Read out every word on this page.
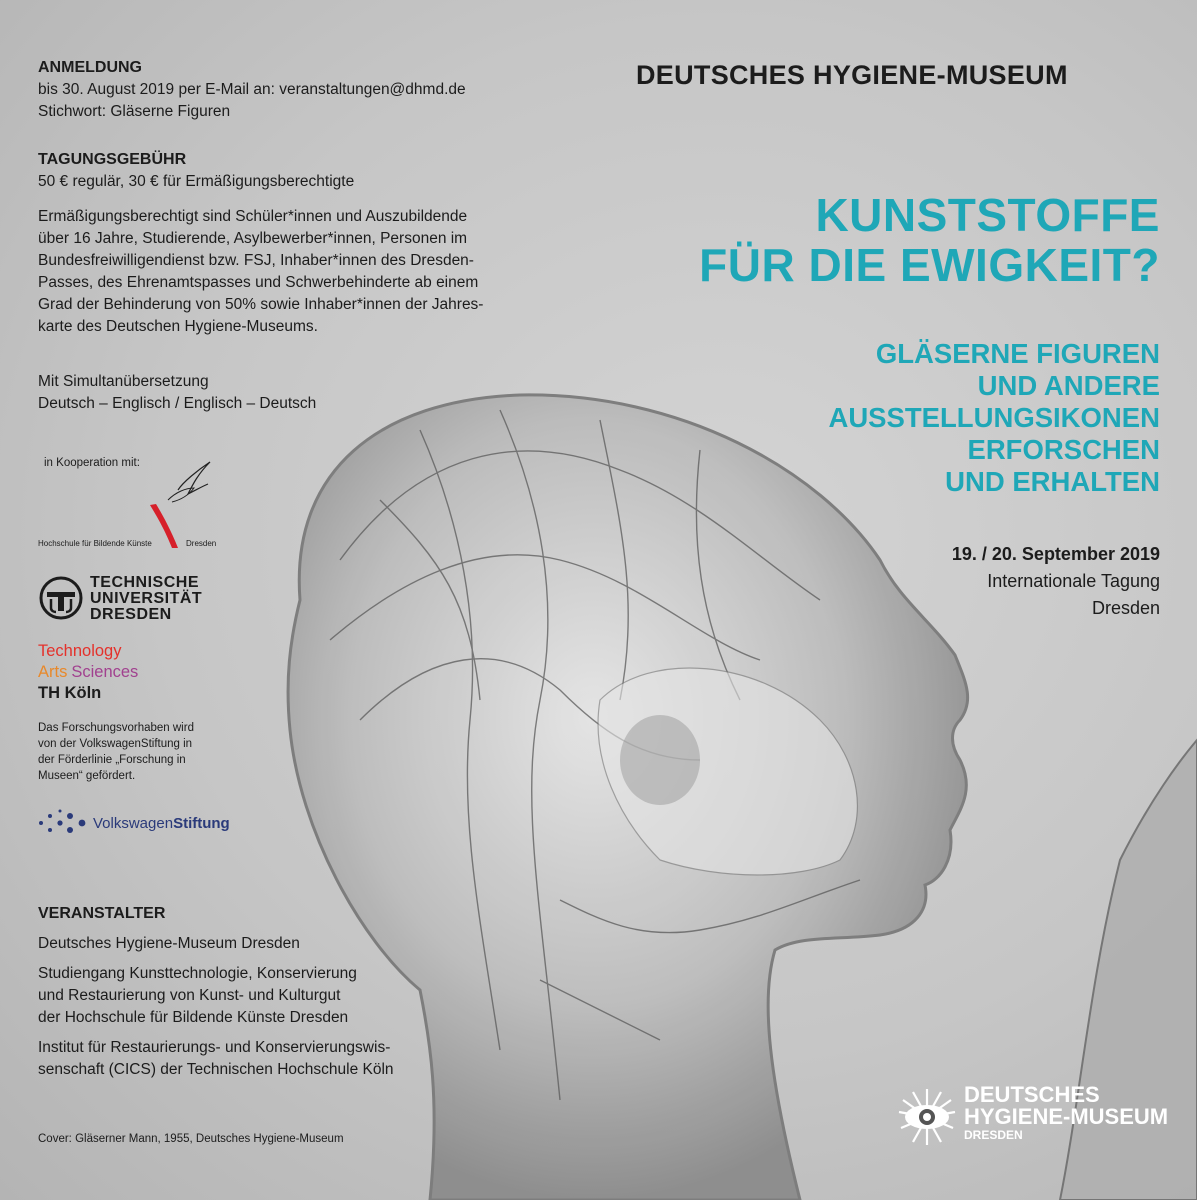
ANMELDUNG

bis 30. August 2019 per E-Mail an: veranstaltungen@dhmd.de

Stichwort: Gläserne Figuren

TAGUNGSGEBÜHR

50 € regulär, 30 € für Ermäßigungsberechtigte

Ermäßigungsberechtigt sind Schüler*innen und Auszubildende

über 16 Jahre, Studierende, Asylbewerber*innen, Personen im

Bundesfreiwilligendienst bzw. FSJ, Inhaber*innen des Dresden-

Passes, des Ehrenamtspasses und Schwerbehinderte ab einem

Grad der Behinderung von 50% sowie Inhaber*innen der Jahres-

karte des Deutschen Hygiene-Museums.

Mit Simultanübersetzung

Deutsch – Englisch / Englisch – Deutsch

in Kooperation mit:
Hochschule für Bildende Künste	Dresden
TECHNISCHE
UNIVERSITÄT
DRESDEN
Technology
Arts Sciences
TH Köln
Das Forschungsvorhaben wird
von der VolkswagenStiftung in
der Förderlinie „Forschung in
Museen“ gefördert.
VolkswagenStiftung

VERANSTALTER

Deutsches Hygiene-Museum Dresden

Studiengang Kunsttechnologie, Konservierung

und Restaurierung von Kunst- und Kulturgut

der Hochschule für Bildende Künste Dresden

Institut für Restaurierungs- und Konservierungswis-

senschaft (CICS) der Technischen Hochschule Köln

Cover: Gläserner Mann, 1955, Deutsches Hygiene-Museum
DEUTSCHES HYGIENE-MUSEUM
KUNSTSTOFFE
FÜR DIE EWIGKEIT?
GLÄSERNE FIGUREN
UND ANDERE
AUSSTELLUNGSIKONEN
ERFORSCHEN
UND ERHALTEN
19. / 20. September 2019
Internationale Tagung
Dresden
DEUTSCHES
HYGIENE-MUSEUM
DRESDEN
